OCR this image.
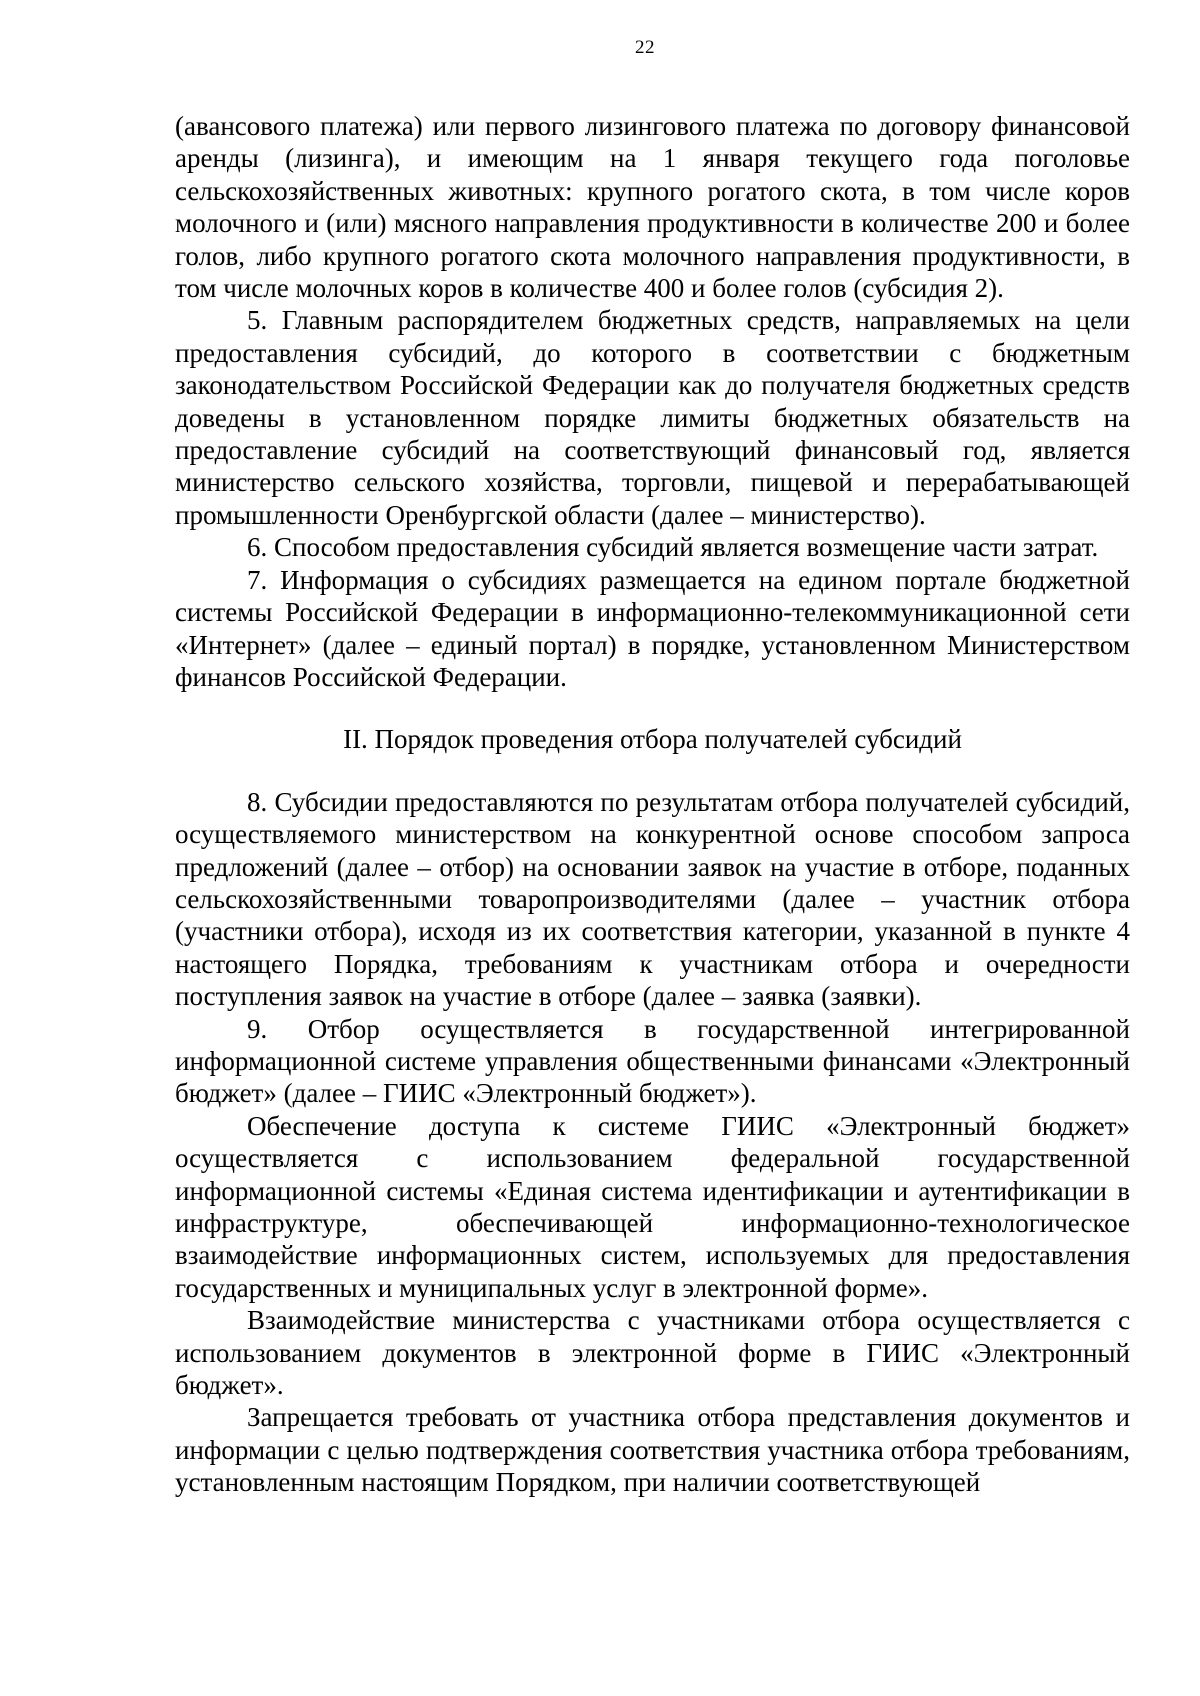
22

(авансового платежа) или первого лизингового платежа по договору финансовой аренды (лизинга), и имеющим на 1 января текущего года поголовье сельскохозяйственных животных: крупного рогатого скота, в том числе коров молочного и (или) мясного направления продуктивности в количестве 200 и более голов, либо крупного рогатого скота молочного направления продуктивности, в том числе молочных коров в количестве 400 и более голов (субсидия 2).

5. Главным распорядителем бюджетных средств, направляемых на цели предоставления субсидий, до которого в соответствии с бюджетным законодательством Российской Федерации как до получателя бюджетных средств доведены в установленном порядке лимиты бюджетных обязательств на предоставление субсидий на соответствующий финансовый год, является министерство сельского хозяйства, торговли, пищевой и перерабатывающей промышленности Оренбургской области (далее – министерство).

6. Способом предоставления субсидий является возмещение части затрат.

7. Информация о субсидиях размещается на едином портале бюджетной системы Российской Федерации в информационно-телекоммуникационной сети «Интернет» (далее – единый портал) в порядке, установленном Министерством финансов Российской Федерации.

II. Порядок проведения отбора получателей субсидий

8. Субсидии предоставляются по результатам отбора получателей субсидий, осуществляемого министерством на конкурентной основе способом запроса предложений (далее – отбор) на основании заявок на участие в отборе, поданных сельскохозяйственными товаропроизводителями (далее – участник отбора (участники отбора), исходя из их соответствия категории, указанной в пункте 4 настоящего Порядка, требованиям к участникам отбора и очередности поступления заявок на участие в отборе (далее – заявка (заявки).

9. Отбор осуществляется в государственной интегрированной информационной системе управления общественными финансами «Электронный бюджет» (далее – ГИИС «Электронный бюджет»).

Обеспечение доступа к системе ГИИС «Электронный бюджет» осуществляется с использованием федеральной государственной информационной системы «Единая система идентификации и аутентификации в инфраструктуре, обеспечивающей информационно-технологическое взаимодействие информационных систем, используемых для предоставления государственных и муниципальных услуг в электронной форме».

Взаимодействие министерства с участниками отбора осуществляется с использованием документов в электронной форме в ГИИС «Электронный бюджет».

Запрещается требовать от участника отбора представления документов и информации с целью подтверждения соответствия участника отбора требованиям, установленным настоящим Порядком, при наличии соответствующей
